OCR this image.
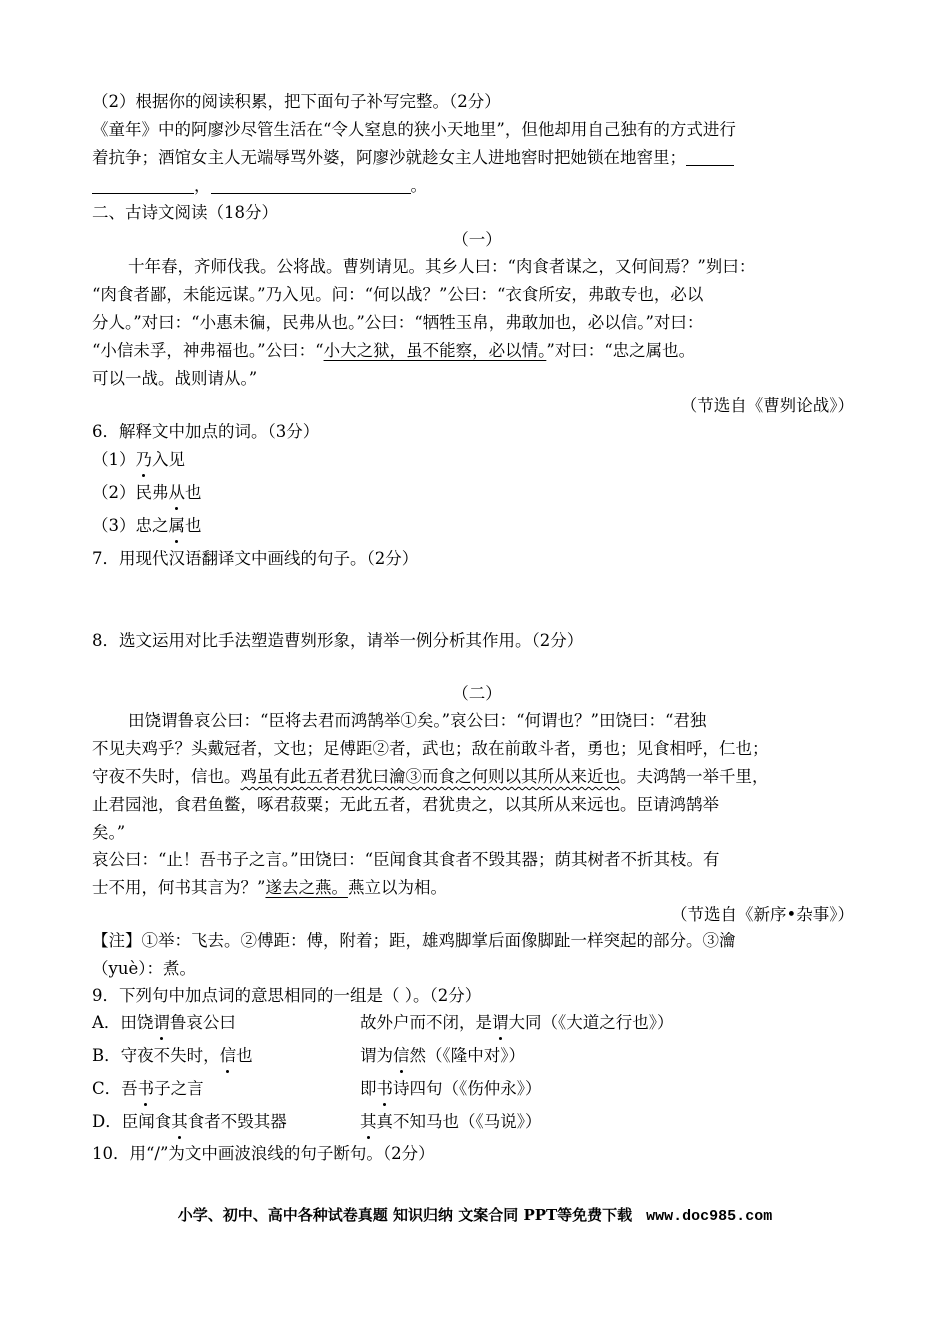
（2）根据你的阅读积累，把下面句子补写完整。（2分）
《童年》中的阿廖沙尽管生活在“令人窒息的狭小天地里”，但他却用自己独有的方式进行
着抗争；酒馆女主人无端辱骂外婆，阿廖沙就趁女主人进地窖时把她锁在地窖里；
，	。
二、古诗文阅读（18分）
（一）
十年春，齐师伐我。公将战。曹刿请见。其乡人曰：“肉食者谋之，又何间焉？”刿曰：
“肉食者鄙，未能远谋。”乃入见。问：“何以战？”公曰：“衣食所安，弗敢专也，必以
分人。”对曰：“小惠未徧，民弗从也。”公曰：“牺牲玉帛，弗敢加也，必以信。”对曰：
“小信未孚，神弗福也。”公曰：“小大之狱，虽不能察，必以情。”对曰：“忠之属也。
可以一战。战则请从。”
（节选自《曹刿论战》）
6．解释文中加点的词。（3分）
（1）乃入见
（2）民弗从也
（3）忠之属也
7．用现代汉语翻译文中画线的句子。（2分）
8．选文运用对比手法塑造曹刿形象，请举一例分析其作用。（2分）
（二）
田饶谓鲁哀公曰：“臣将去君而鸿鹄举①矣。”哀公曰：“何谓也？”田饶曰：“君独
不见夫鸡乎？头戴冠者，文也；足傅距②者，武也；敌在前敢斗者，勇也；见食相呼，仁也；
守夜不失时，信也。鸡虽有此五者君犹曰瀹③而食之何则以其所从来近也。夫鸿鹄一举千里，
止君园池，食君鱼鳖，啄君菽粟；无此五者，君犹贵之，以其所从来远也。臣请鸿鹄举
矣。”
哀公曰：“止！吾书子之言。”田饶曰：“臣闻食其食者不毁其器；荫其树者不折其枝。有
士不用，何书其言为？”遂去之燕。燕立以为相。
（节选自《新序•杂事》）
【注】①举：飞去。②傅距：傅，附着；距，雄鸡脚掌后面像脚趾一样突起的部分。③瀹
（yuè）：煮。
9．下列句中加点词的意思相同的一组是（ ）。（2分）
A．田饶谓鲁哀公曰	故外户而不闭，是谓大同（《大道之行也》）
B．守夜不失时，信也	谓为信然（《隆中对》）
C．吾书子之言	即书诗四句（《伤仲永》）
D．臣闻食其食者不毁其器	其真不知马也（《马说》）
10．用“/”为文中画波浪线的句子断句。（2分）
小学、初中、高中各种试卷真题 知识归纳 文案合同 PPT等免费下载 www.doc985.com
